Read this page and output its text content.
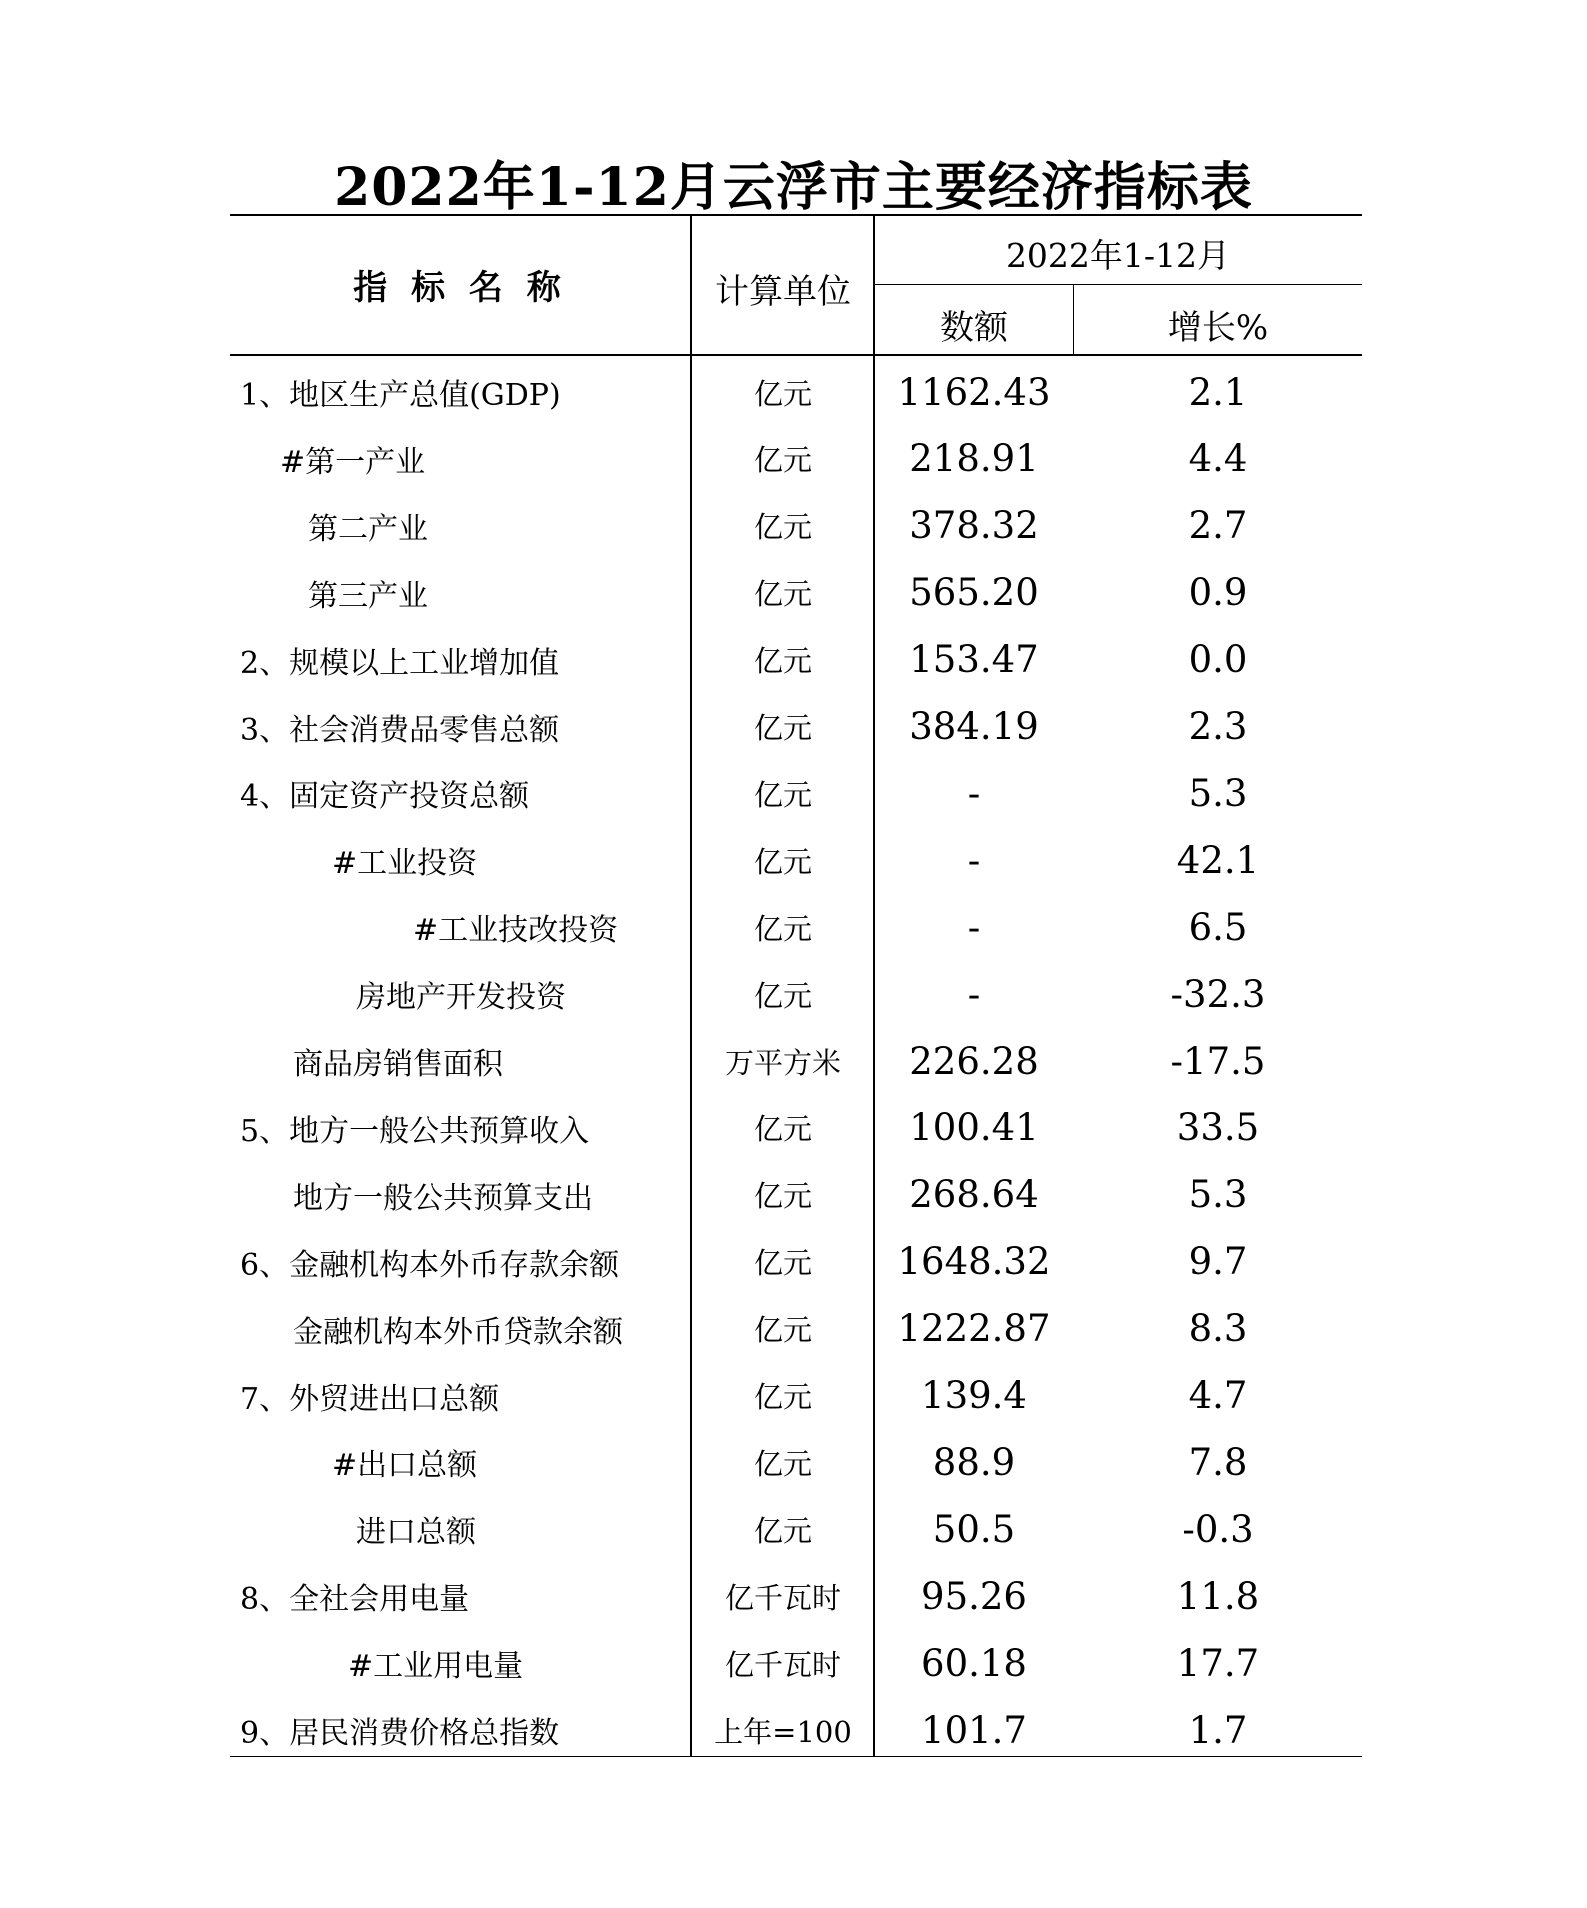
2022年1-12月云浮市主要经济指标表
指 标 名 称	计算单位
2022年1-12月
数额	增长%
1、地区生产总值(GDP)	亿元	1162.43	2.1
#第一产业	亿元	218.91	4.4
第二产业	亿元	378.32	2.7
第三产业	亿元	565.20	0.9
2、规模以上工业增加值	亿元	153.47	0.0
3、社会消费品零售总额	亿元	384.19	2.3
4、固定资产投资总额	亿元	-	5.3
#工业投资	亿元	-	42.1
#工业技改投资	亿元	-	6.5
房地产开发投资	亿元	-	-32.3
商品房销售面积	万平方米	226.28	-17.5
5、地方一般公共预算收入	亿元	100.41	33.5
地方一般公共预算支出	亿元	268.64	5.3
6、金融机构本外币存款余额	亿元	1648.32	9.7
金融机构本外币贷款余额	亿元	1222.87	8.3
7、外贸进出口总额	亿元	139.4	4.7
#出口总额	亿元	88.9	7.8
进口总额	亿元	50.5	-0.3
8、全社会用电量	亿千瓦时	95.26	11.8
#工业用电量	亿千瓦时	60.18	17.7
9、居民消费价格总指数	上年=100	101.7	1.7
